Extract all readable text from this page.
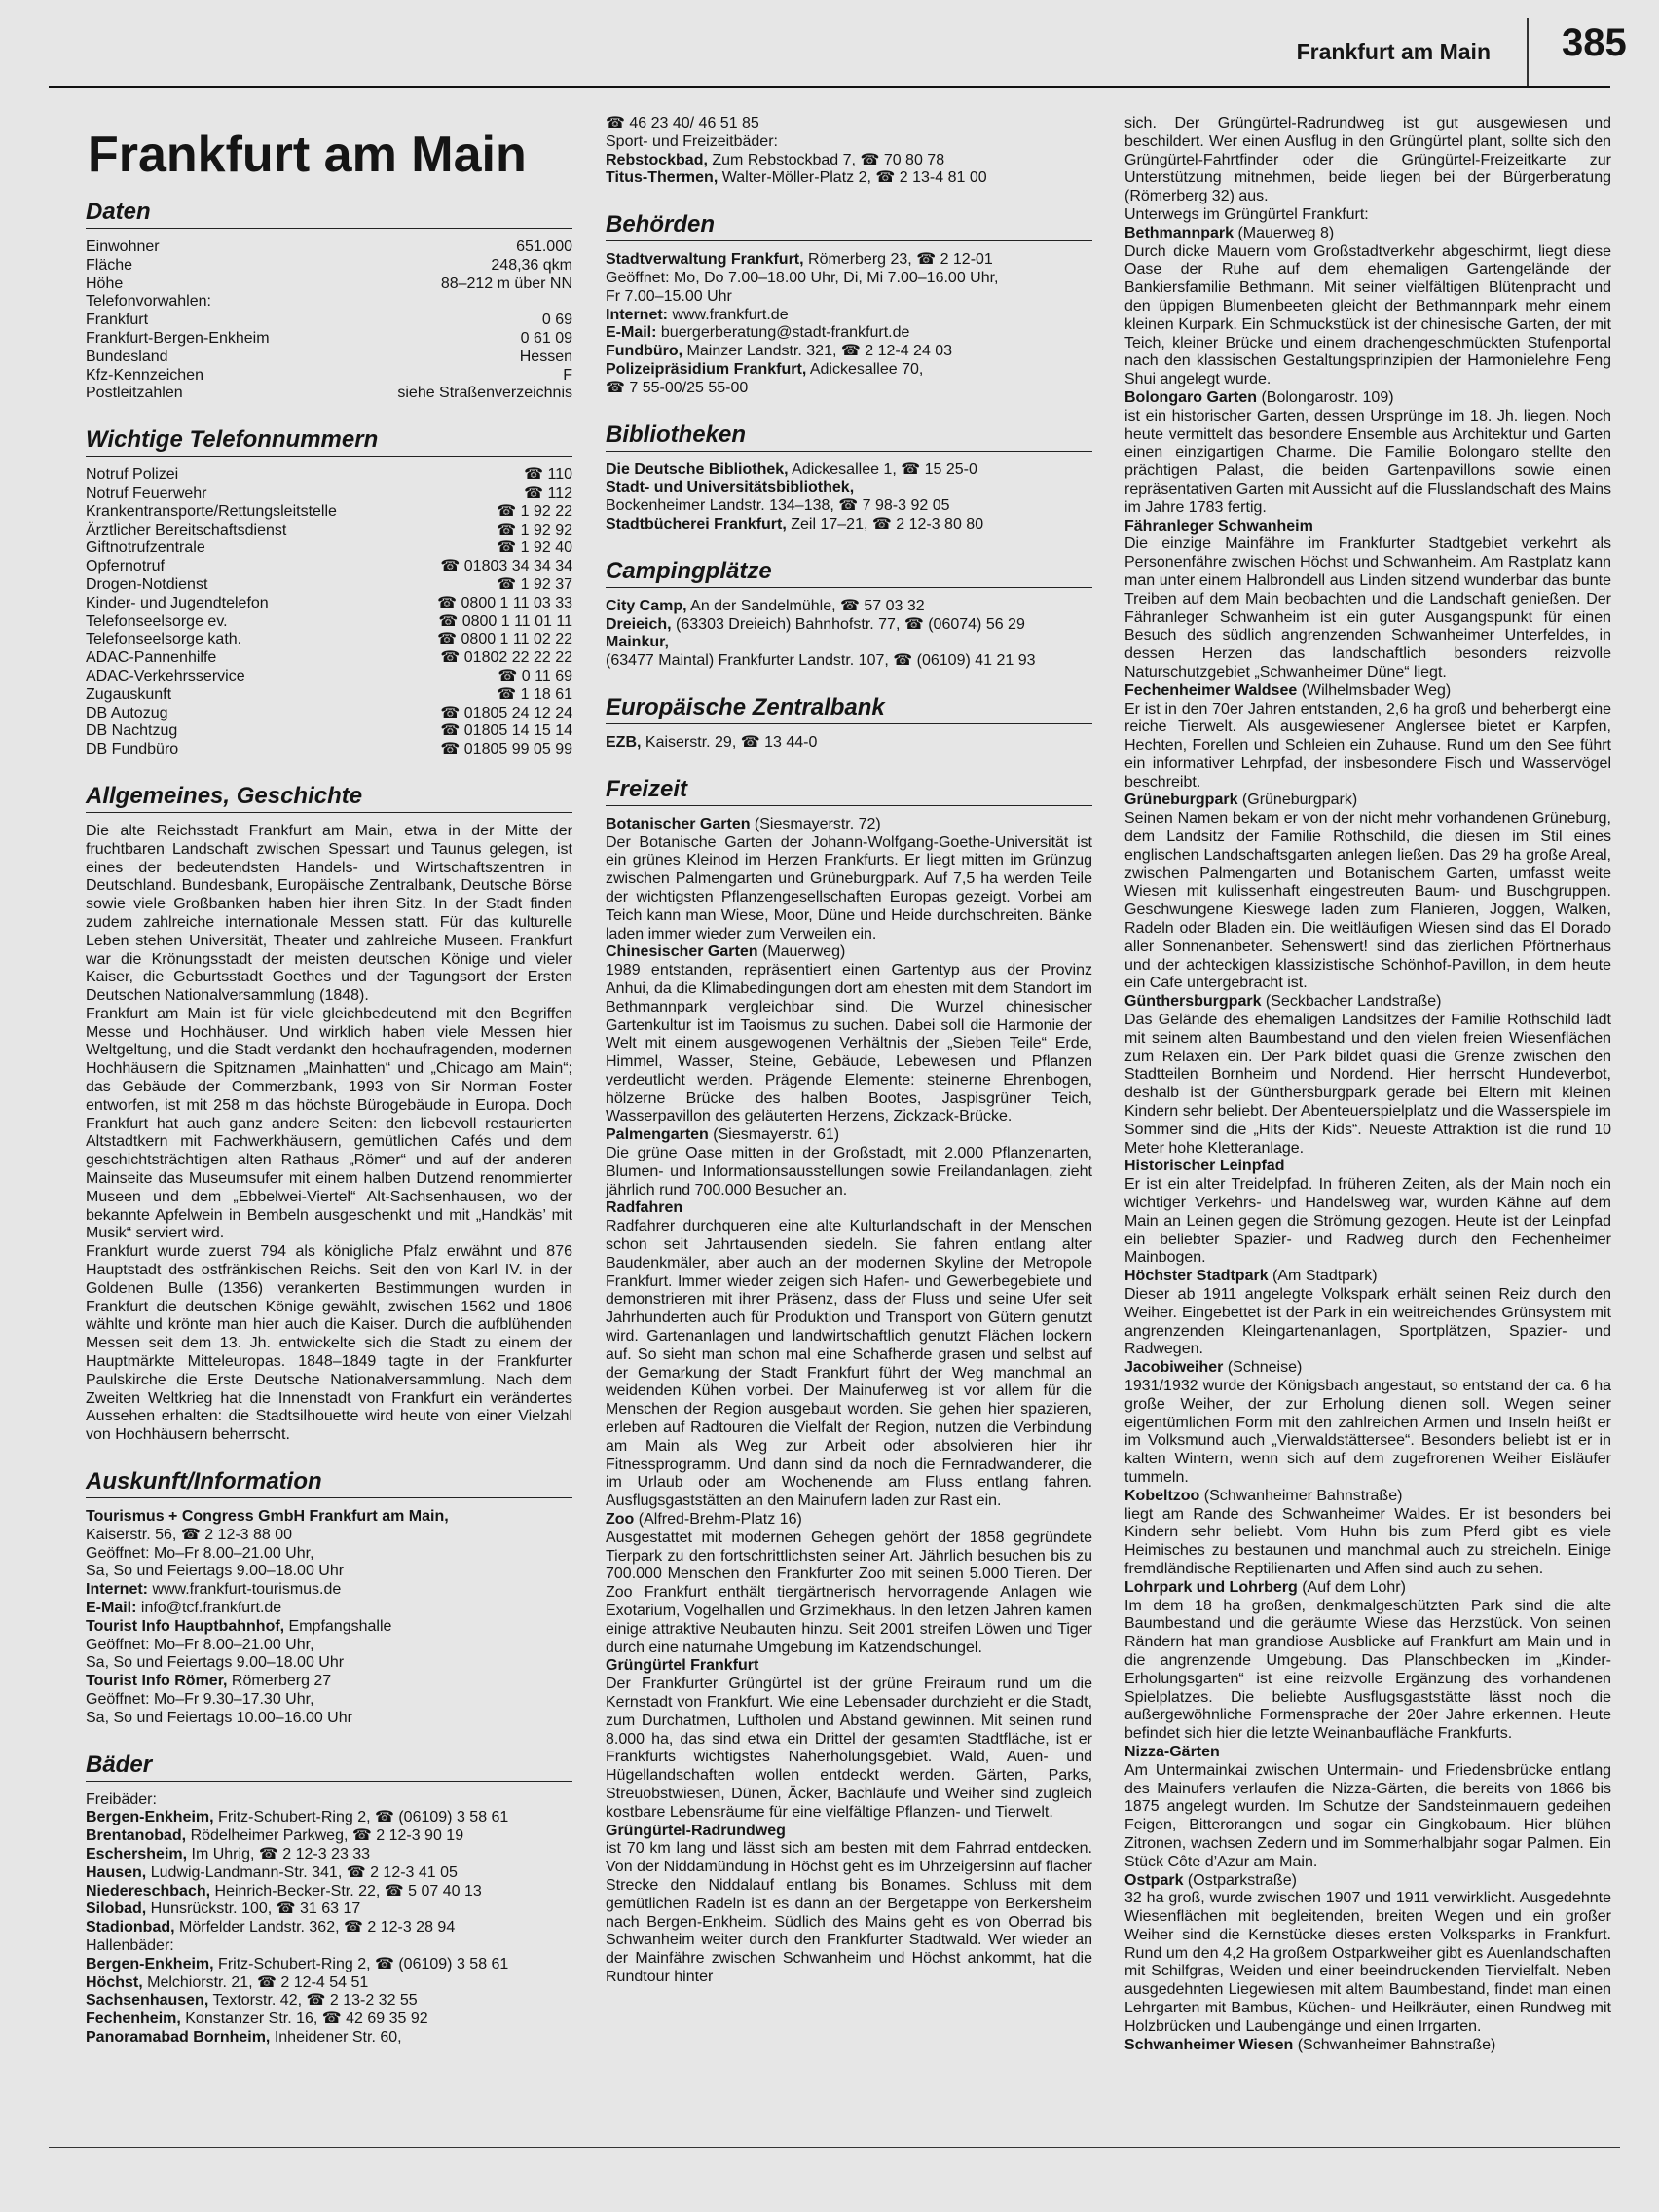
Frankfurt am Main 385
Frankfurt am Main
Daten
Einwohner	651.000
Fläche	248,36 qkm
Höhe	88–212 m über NN
Telefonvorwahlen:
Frankfurt	0 69
Frankfurt-Bergen-Enkheim	0 61 09
Bundesland	Hessen
Kfz-Kennzeichen	F
Postleitzahlen	siehe Straßenverzeichnis
Wichtige Telefonnummern
Notruf Polizei	☎ 110
Notruf Feuerwehr	☎ 112
Krankentransporte/Rettungsleitstelle	☎ 1 92 22
Ärztlicher Bereitschaftsdienst	☎ 1 92 92
Giftnotrufzentrale	☎ 1 92 40
Opfernotruf	☎ 01803 34 34 34
Drogen-Notdienst	☎ 1 92 37
Kinder- und Jugendtelefon	☎ 0800 1 11 03 33
Telefonseelsorge ev.	☎ 0800 1 11 01 11
Telefonseelsorge kath.	☎ 0800 1 11 02 22
ADAC-Pannenhilfe	☎ 01802 22 22 22
ADAC-Verkehrsservice	☎ 0 11 69
Zugauskunft	☎ 1 18 61
DB Autozug	☎ 01805 24 12 24
DB Nachtzug	☎ 01805 14 15 14
DB Fundbüro	☎ 01805 99 05 99
Allgemeines, Geschichte
Die alte Reichsstadt Frankfurt am Main, etwa in der Mitte der fruchtbaren Landschaft zwischen Spessart und Taunus gelegen, ist eines der bedeutendsten Handels- und Wirtschaftszentren in Deutschland. Bundesbank, Europäische Zentralbank, Deutsche Börse sowie viele Großbanken haben hier ihren Sitz. In der Stadt finden zudem zahlreiche internationale Messen statt. Für das kulturelle Leben stehen Universität, Theater und zahlreiche Museen. Frankfurt war die Krönungsstadt der meisten deutschen Könige und vieler Kaiser, die Geburtsstadt Goethes und der Tagungsort der Ersten Deutschen Nationalversammlung (1848).
Frankfurt am Main ist für viele gleichbedeutend mit den Begriffen Messe und Hochhäuser. Und wirklich haben viele Messen hier Weltgeltung, und die Stadt verdankt den hochaufragenden, modernen Hochhäusern die Spitznamen „Mainhatten“ und „Chicago am Main“; das Gebäude der Commerzbank, 1993 von Sir Norman Foster entworfen, ist mit 258 m das höchste Bürogebäude in Europa. Doch Frankfurt hat auch ganz andere Seiten: den liebevoll restaurierten Altstadtkern mit Fachwerkhäusern, gemütlichen Cafés und dem geschichtsträchtigen alten Rathaus „Römer“ und auf der anderen Mainseite das Museumsufer mit einem halben Dutzend renommierter Museen und dem „Ebbelwei-Viertel“ Alt-Sachsenhausen, wo der bekannte Apfelwein in Bembeln ausgeschenkt und mit „Handkäs’ mit Musik“ serviert wird.
Frankfurt wurde zuerst 794 als königliche Pfalz erwähnt und 876 Hauptstadt des ostfränkischen Reichs. Seit den von Karl IV. in der Goldenen Bulle (1356) verankerten Bestimmungen wurden in Frankfurt die deutschen Könige gewählt, zwischen 1562 und 1806 wählte und krönte man hier auch die Kaiser. Durch die aufblühenden Messen seit dem 13. Jh. entwickelte sich die Stadt zu einem der Hauptmärkte Mitteleuropas. 1848–1849 tagte in der Frankfurter Paulskirche die Erste Deutsche Nationalversammlung. Nach dem Zweiten Weltkrieg hat die Innenstadt von Frankfurt ein verändertes Aussehen erhalten: die Stadtsilhouette wird heute von einer Vielzahl von Hochhäusern beherrscht.
Auskunft/Information
Tourismus + Congress GmbH Frankfurt am Main,
Kaiserstr. 56, ☎ 2 12-3 88 00
Geöffnet: Mo–Fr 8.00–21.00 Uhr,
Sa, So und Feiertags 9.00–18.00 Uhr
Internet: www.frankfurt-tourismus.de
E-Mail: info@tcf.frankfurt.de
Tourist Info Hauptbahnhof, Empfangshalle
Geöffnet: Mo–Fr 8.00–21.00 Uhr,
Sa, So und Feiertags 9.00–18.00 Uhr
Tourist Info Römer, Römerberg 27
Geöffnet: Mo–Fr 9.30–17.30 Uhr,
Sa, So und Feiertags 10.00–16.00 Uhr
Bäder
Freibäder:
Bergen-Enkheim, Fritz-Schubert-Ring 2, ☎ (06109) 3 58 61
Brentanobad, Rödelheimer Parkweg, ☎ 2 12-3 90 19
Eschersheim, Im Uhrig, ☎ 2 12-3 23 33
Hausen, Ludwig-Landmann-Str. 341, ☎ 2 12-3 41 05
Niedereschbach, Heinrich-Becker-Str. 22, ☎ 5 07 40 13
Silobad, Hunsrückstr. 100, ☎ 31 63 17
Stadionbad, Mörfelder Landstr. 362, ☎ 2 12-3 28 94
Hallenbäder:
Bergen-Enkheim, Fritz-Schubert-Ring 2, ☎ (06109) 3 58 61
Höchst, Melchiorstr. 21, ☎ 2 12-4 54 51
Sachsenhausen, Textorstr. 42, ☎ 2 13-2 32 55
Fechenheim, Konstanzer Str. 16, ☎ 42 69 35 92
Panoramabad Bornheim, Inheidener Str. 60,
☎ 46 23 40/ 46 51 85
Sport- und Freizeitbäder:
Rebstockbad, Zum Rebstockbad 7, ☎ 70 80 78
Titus-Thermen, Walter-Möller-Platz 2, ☎ 2 13-4 81 00
Behörden
Stadtverwaltung Frankfurt, Römerberg 23, ☎ 2 12-01
Geöffnet: Mo, Do 7.00–18.00 Uhr, Di, Mi 7.00–16.00 Uhr,
Fr 7.00–15.00 Uhr
Internet: www.frankfurt.de
E-Mail: buergerberatung@stadt-frankfurt.de
Fundbüro, Mainzer Landstr. 321, ☎ 2 12-4 24 03
Polizeipräsidium Frankfurt, Adickesallee 70,
☎ 7 55-00/25 55-00
Bibliotheken
Die Deutsche Bibliothek, Adickesallee 1, ☎ 15 25-0
Stadt- und Universitätsbibliothek,
Bockenheimer Landstr. 134–138, ☎ 7 98-3 92 05
Stadtbücherei Frankfurt, Zeil 17–21, ☎ 2 12-3 80 80
Campingplätze
City Camp, An der Sandelmühle, ☎ 57 03 32
Dreieich, (63303 Dreieich) Bahnhofstr. 77, ☎ (06074) 56 29
Mainkur,
(63477 Maintal) Frankfurter Landstr. 107, ☎ (06109) 41 21 93
Europäische Zentralbank
EZB, Kaiserstr. 29, ☎ 13 44-0
Freizeit
Botanischer Garten (Siesmayerstr. 72)
Der Botanische Garten der Johann-Wolfgang-Goethe-Universität ist ein grünes Kleinod im Herzen Frankfurts. Er liegt mitten im Grünzug zwischen Palmengarten und Grüneburgpark. Auf 7,5 ha werden Teile der wichtigsten Pflanzengesellschaften Europas gezeigt. Vorbei am Teich kann man Wiese, Moor, Düne und Heide durchschreiten. Bänke laden immer wieder zum Verweilen ein.
Chinesischer Garten (Mauerweg)
1989 entstanden, repräsentiert einen Gartentyp aus der Provinz Anhui, da die Klimabedingungen dort am ehesten mit dem Standort im Bethmannpark vergleichbar sind. Die Wurzel chinesischer Gartenkultur ist im Taoismus zu suchen. Dabei soll die Harmonie der Welt mit einem ausgewogenen Verhältnis der „Sieben Teile“ Erde, Himmel, Wasser, Steine, Gebäude, Lebewesen und Pflanzen verdeutlicht werden. Prägende Elemente: steinerne Ehrenbogen, hölzerne Brücke des halben Bootes, Jaspisgrüner Teich, Wasserpavillon des geläuterten Herzens, Zickzack-Brücke.
Palmengarten (Siesmayerstr. 61)
Die grüne Oase mitten in der Großstadt, mit 2.000 Pflanzenarten, Blumen- und Informationsausstellungen sowie Freilandanlagen, zieht jährlich rund 700.000 Besucher an.
Radfahren
Radfahrer durchqueren eine alte Kulturlandschaft in der Menschen schon seit Jahrtausenden siedeln. Sie fahren entlang alter Baudenkmäler, aber auch an der modernen Skyline der Metropole Frankfurt. Immer wieder zeigen sich Hafen- und Gewerbegebiete und demonstrieren mit ihrer Präsenz, dass der Fluss und seine Ufer seit Jahrhunderten auch für Produktion und Transport von Gütern genutzt wird. Gartenanlagen und landwirtschaftlich genutzt Flächen lockern auf. So sieht man schon mal eine Schafherde grasen und selbst auf der Gemarkung der Stadt Frankfurt führt der Weg manchmal an weidenden Kühen vorbei. Der Mainuferweg ist vor allem für die Menschen der Region ausgebaut worden. Sie gehen hier spazieren, erleben auf Radtouren die Vielfalt der Region, nutzen die Verbindung am Main als Weg zur Arbeit oder absolvieren hier ihr Fitnessprogramm. Und dann sind da noch die Fernradwanderer, die im Urlaub oder am Wochenende am Fluss entlang fahren. Ausflugsgaststätten an den Mainufern laden zur Rast ein.
Zoo (Alfred-Brehm-Platz 16)
Ausgestattet mit modernen Gehegen gehört der 1858 gegründete Tierpark zu den fortschrittlichsten seiner Art. Jährlich besuchen bis zu 700.000 Menschen den Frankfurter Zoo mit seinen 5.000 Tieren. Der Zoo Frankfurt enthält tiergärtnerisch hervorragende Anlagen wie Exotarium, Vogelhallen und Grzimekhaus. In den letzen Jahren kamen einige attraktive Neubauten hinzu. Seit 2001 streifen Löwen und Tiger durch eine naturnahe Umgebung im Katzendschungel.
Grüngürtel Frankfurt
Der Frankfurter Grüngürtel ist der grüne Freiraum rund um die Kernstadt von Frankfurt. Wie eine Lebensader durchzieht er die Stadt, zum Durchatmen, Luftholen und Abstand gewinnen. Mit seinen rund 8.000 ha, das sind etwa ein Drittel der gesamten Stadtfläche, ist er Frankfurts wichtigstes Naherholungsgebiet. Wald, Auen- und Hügellandschaften wollen entdeckt werden. Gärten, Parks, Streuobstwiesen, Dünen, Äcker, Bachläufe und Weiher sind zugleich kostbare Lebensräume für eine vielfältige Pflanzen- und Tierwelt.
Grüngürtel-Radrundweg
ist 70 km lang und lässt sich am besten mit dem Fahrrad entdecken. Von der Niddamündung in Höchst geht es im Uhrzeigersinn auf flacher Strecke den Niddalauf entlang bis Bonames. Schluss mit dem gemütlichen Radeln ist es dann an der Bergetappe von Berkersheim nach Bergen-Enkheim. Südlich des Mains geht es von Oberrad bis Schwanheim weiter durch den Frankfurter Stadtwald. Wer wieder an der Mainfähre zwischen Schwanheim und Höchst ankommt, hat die Rundtour hinter
sich. Der Grüngürtel-Radrundweg ist gut ausgewiesen und beschildert. Wer einen Ausflug in den Grüngürtel plant, sollte sich den Grüngürtel-Fahrtfinder oder die Grüngürtel-Freizeitkarte zur Unterstützung mitnehmen, beide liegen bei der Bürgerberatung (Römerberg 32) aus.
Unterwegs im Grüngürtel Frankfurt:
Bethmannpark (Mauerweg 8)
Durch dicke Mauern vom Großstadtverkehr abgeschirmt, liegt diese Oase der Ruhe auf dem ehemaligen Gartengelände der Bankiersfamilie Bethmann. Mit seiner vielfältigen Blütenpracht und den üppigen Blumenbeeten gleicht der Bethmannpark mehr einem kleinen Kurpark. Ein Schmuckstück ist der chinesische Garten, der mit Teich, kleiner Brücke und einem drachengeschmückten Stufenportal nach den klassischen Gestaltungsprinzipien der Harmonielehre Feng Shui angelegt wurde.
Bolongaro Garten (Bolongarostr. 109)
ist ein historischer Garten, dessen Ursprünge im 18. Jh. liegen. Noch heute vermittelt das besondere Ensemble aus Architektur und Garten einen einzigartigen Charme. Die Familie Bolongaro stellte den prächtigen Palast, die beiden Gartenpavillons sowie einen repräsentativen Garten mit Aussicht auf die Flusslandschaft des Mains im Jahre 1783 fertig.
Fähranleger Schwanheim
Die einzige Mainfähre im Frankfurter Stadtgebiet verkehrt als Personenfähre zwischen Höchst und Schwanheim. Am Rastplatz kann man unter einem Halbrondell aus Linden sitzend wunderbar das bunte Treiben auf dem Main beobachten und die Landschaft genießen. Der Fähranleger Schwanheim ist ein guter Ausgangspunkt für einen Besuch des südlich angrenzenden Schwanheimer Unterfeldes, in dessen Herzen das landschaftlich besonders reizvolle Naturschutzgebiet „Schwanheimer Düne“ liegt.
Fechenheimer Waldsee (Wilhelmsbader Weg)
Er ist in den 70er Jahren entstanden, 2,6 ha groß und beherbergt eine reiche Tierwelt. Als ausgewiesener Anglersee bietet er Karpfen, Hechten, Forellen und Schleien ein Zuhause. Rund um den See führt ein informativer Lehrpfad, der insbesondere Fisch und Wasservögel beschreibt.
Grüneburgpark (Grüneburgpark)
Seinen Namen bekam er von der nicht mehr vorhandenen Grüneburg, dem Landsitz der Familie Rothschild, die diesen im Stil eines englischen Landschaftsgarten anlegen ließen. Das 29 ha große Areal, zwischen Palmengarten und Botanischem Garten, umfasst weite Wiesen mit kulissenhaft eingestreuten Baum- und Buschgruppen. Geschwungene Kieswege laden zum Flanieren, Joggen, Walken, Radeln oder Bladen ein. Die weitläufigen Wiesen sind das El Dorado aller Sonnenanbeter. Sehenswert! sind das zierlichen Pförtnerhaus und der achteckigen klassizistische Schönhof-Pavillon, in dem heute ein Cafe untergebracht ist.
Günthersburgpark (Seckbacher Landstraße)
Das Gelände des ehemaligen Landsitzes der Familie Rothschild lädt mit seinem alten Baumbestand und den vielen freien Wiesenflächen zum Relaxen ein. Der Park bildet quasi die Grenze zwischen den Stadtteilen Bornheim und Nordend. Hier herrscht Hundeverbot, deshalb ist der Günthersburgpark gerade bei Eltern mit kleinen Kindern sehr beliebt. Der Abenteuerspielplatz und die Wasserspiele im Sommer sind die „Hits der Kids“. Neueste Attraktion ist die rund 10 Meter hohe Kletteranlage.
Historischer Leinpfad
Er ist ein alter Treidelpfad. In früheren Zeiten, als der Main noch ein wichtiger Verkehrs- und Handelsweg war, wurden Kähne auf dem Main an Leinen gegen die Strömung gezogen. Heute ist der Leinpfad ein beliebter Spazier- und Radweg durch den Fechenheimer Mainbogen.
Höchster Stadtpark (Am Stadtpark)
Dieser ab 1911 angelegte Volkspark erhält seinen Reiz durch den Weiher. Eingebettet ist der Park in ein weitreichendes Grünsystem mit angrenzenden Kleingartenanlagen, Sportplätzen, Spazier- und Radwegen.
Jacobiweiher (Schneise)
1931/1932 wurde der Königsbach angestaut, so entstand der ca. 6 ha große Weiher, der zur Erholung dienen soll. Wegen seiner eigentümlichen Form mit den zahlreichen Armen und Inseln heißt er im Volksmund auch „Vierwaldstättersee“. Besonders beliebt ist er in kalten Wintern, wenn sich auf dem zugefrorenen Weiher Eisläufer tummeln.
Kobeltzoo (Schwanheimer Bahnstraße)
liegt am Rande des Schwanheimer Waldes. Er ist besonders bei Kindern sehr beliebt. Vom Huhn bis zum Pferd gibt es viele Heimisches zu bestaunen und manchmal auch zu streicheln. Einige fremdländische Reptilienarten und Affen sind auch zu sehen.
Lohrpark und Lohrberg (Auf dem Lohr)
Im dem 18 ha großen, denkmalgeschützten Park sind die alte Baumbestand und die geräumte Wiese das Herzstück. Von seinen Rändern hat man grandiose Ausblicke auf Frankfurt am Main und in die angrenzende Umgebung. Das Planschbecken im „Kinder-Erholungsgarten“ ist eine reizvolle Ergänzung des vorhandenen Spielplatzes. Die beliebte Ausflugsgaststätte lässt noch die außergewöhnliche Formensprache der 20er Jahre erkennen. Heute befindet sich hier die letzte Weinanbaufläche Frankfurts.
Nizza-Gärten
Am Untermainkai zwischen Untermain- und Friedensbrücke entlang des Mainufers verlaufen die Nizza-Gärten, die bereits von 1866 bis 1875 angelegt wurden. Im Schutze der Sandsteinmauern gedeihen Feigen, Bitterorangen und sogar ein Gingkobaum. Hier blühen Zitronen, wachsen Zedern und im Sommerhalbjahr sogar Palmen. Ein Stück Côte d’Azur am Main.
Ostpark (Ostparkstraße)
32 ha groß, wurde zwischen 1907 und 1911 verwirklicht. Ausgedehnte Wiesenflächen mit begleitenden, breiten Wegen und ein großer Weiher sind die Kernstücke dieses ersten Volksparks in Frankfurt. Rund um den 4,2 Ha großem Ostparkweiher gibt es Auenlandschaften mit Schilfgras, Weiden und einer beeindruckenden Tiervielfalt. Neben ausgedehnten Liegewiesen mit altem Baumbestand, findet man einen Lehrgarten mit Bambus, Küchen- und Heilkräuter, einen Rundweg mit Holzbrücken und Laubengänge und einen Irrgarten.
Schwanheimer Wiesen (Schwanheimer Bahnstraße)
